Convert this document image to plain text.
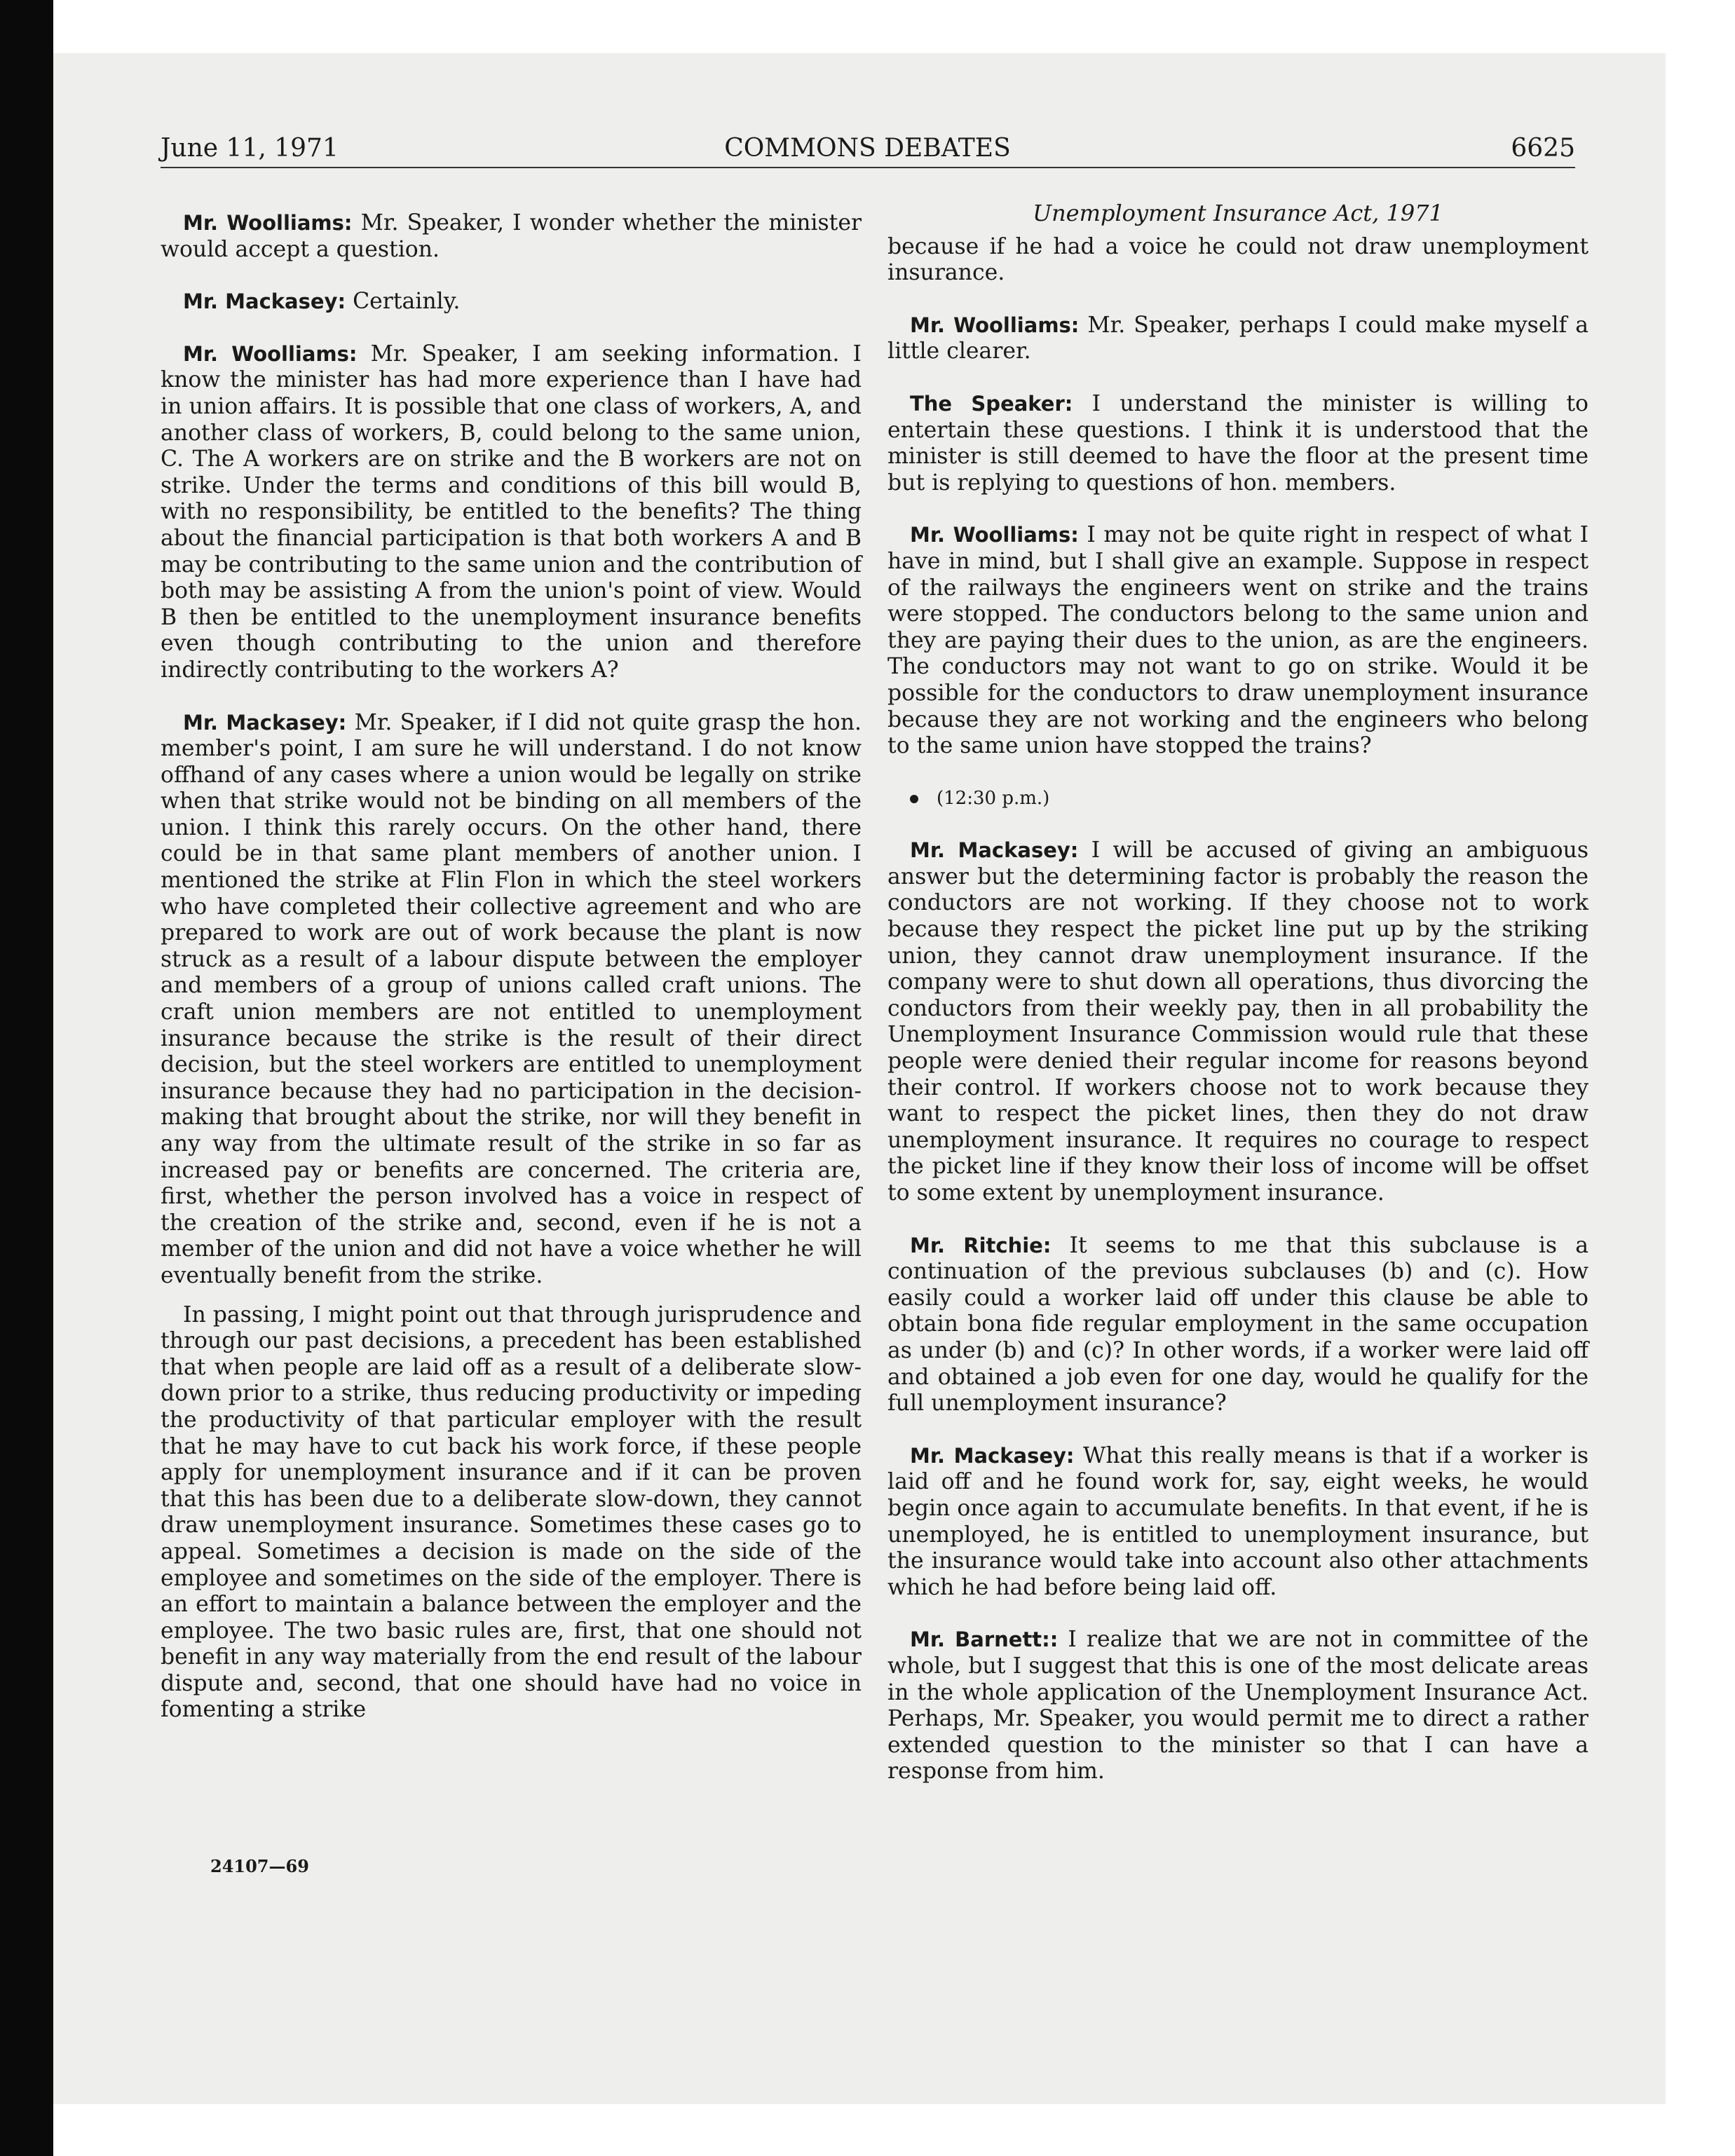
June 11, 1971	COMMONS DEBATES	6625

Mr. Woolliams: Mr. Speaker, I wonder whether the minister would accept a question.

Mr. Mackasey: Certainly.

Mr. Woolliams: Mr. Speaker, I am seeking information. I know the minister has had more experience than I have had in union affairs. It is possible that one class of workers, A, and another class of workers, B, could belong to the same union, C. The A workers are on strike and the B workers are not on strike. Under the terms and conditions of this bill would B, with no responsibility, be entitled to the benefits? The thing about the financial participation is that both workers A and B may be contributing to the same union and the contribution of both may be assisting A from the union's point of view. Would B then be entitled to the unemployment insurance benefits even though contributing to the union and therefore indirectly contributing to the workers A?

Mr. Mackasey: Mr. Speaker, if I did not quite grasp the hon. member's point, I am sure he will understand. I do not know offhand of any cases where a union would be legally on strike when that strike would not be binding on all members of the union. I think this rarely occurs. On the other hand, there could be in that same plant members of another union. I mentioned the strike at Flin Flon in which the steel workers who have completed their collective agreement and who are prepared to work are out of work because the plant is now struck as a result of a labour dispute between the employer and members of a group of unions called craft unions. The craft union members are not entitled to unemployment insurance because the strike is the result of their direct decision, but the steel workers are entitled to unemployment insurance because they had no participation in the decision-making that brought about the strike, nor will they benefit in any way from the ultimate result of the strike in so far as increased pay or benefits are concerned. The criteria are, first, whether the person involved has a voice in respect of the creation of the strike and, second, even if he is not a member of the union and did not have a voice whether he will eventually benefit from the strike.

In passing, I might point out that through jurisprudence and through our past decisions, a precedent has been established that when people are laid off as a result of a deliberate slow-down prior to a strike, thus reducing productivity or impeding the productivity of that particular employer with the result that he may have to cut back his work force, if these people apply for unemployment insurance and if it can be proven that this has been due to a deliberate slow-down, they cannot draw unemployment insurance. Sometimes these cases go to appeal. Sometimes a decision is made on the side of the employee and sometimes on the side of the employer. There is an effort to maintain a balance between the employer and the employee. The two basic rules are, first, that one should not benefit in any way materially from the end result of the labour dispute and, second, that one should have had no voice in fomenting a strike

Unemployment Insurance Act, 1971

because if he had a voice he could not draw unemployment insurance.

Mr. Woolliams: Mr. Speaker, perhaps I could make myself a little clearer.

The Speaker: I understand the minister is willing to entertain these questions. I think it is understood that the minister is still deemed to have the floor at the present time but is replying to questions of hon. members.

Mr. Woolliams: I may not be quite right in respect of what I have in mind, but I shall give an example. Suppose in respect of the railways the engineers went on strike and the trains were stopped. The conductors belong to the same union and they are paying their dues to the union, as are the engineers. The conductors may not want to go on strike. Would it be possible for the conductors to draw unemployment insurance because they are not working and the engineers who belong to the same union have stopped the trains?

(12:30 p.m.)

Mr. Mackasey: I will be accused of giving an ambiguous answer but the determining factor is probably the reason the conductors are not working. If they choose not to work because they respect the picket line put up by the striking union, they cannot draw unemployment insurance. If the company were to shut down all operations, thus divorcing the conductors from their weekly pay, then in all probability the Unemployment Insurance Commission would rule that these people were denied their regular income for reasons beyond their control. If workers choose not to work because they want to respect the picket lines, then they do not draw unemployment insurance. It requires no courage to respect the picket line if they know their loss of income will be offset to some extent by unemployment insurance.

Mr. Ritchie: It seems to me that this subclause is a continuation of the previous subclauses (b) and (c). How easily could a worker laid off under this clause be able to obtain bona fide regular employment in the same occupation as under (b) and (c)? In other words, if a worker were laid off and obtained a job even for one day, would he qualify for the full unemployment insurance?

Mr. Mackasey: What this really means is that if a worker is laid off and he found work for, say, eight weeks, he would begin once again to accumulate benefits. In that event, if he is unemployed, he is entitled to unemployment insurance, but the insurance would take into account also other attachments which he had before being laid off.

Mr. Barnett:: I realize that we are not in committee of the whole, but I suggest that this is one of the most delicate areas in the whole application of the Unemployment Insurance Act. Perhaps, Mr. Speaker, you would permit me to direct a rather extended question to the minister so that I can have a response from him.

24107—69
